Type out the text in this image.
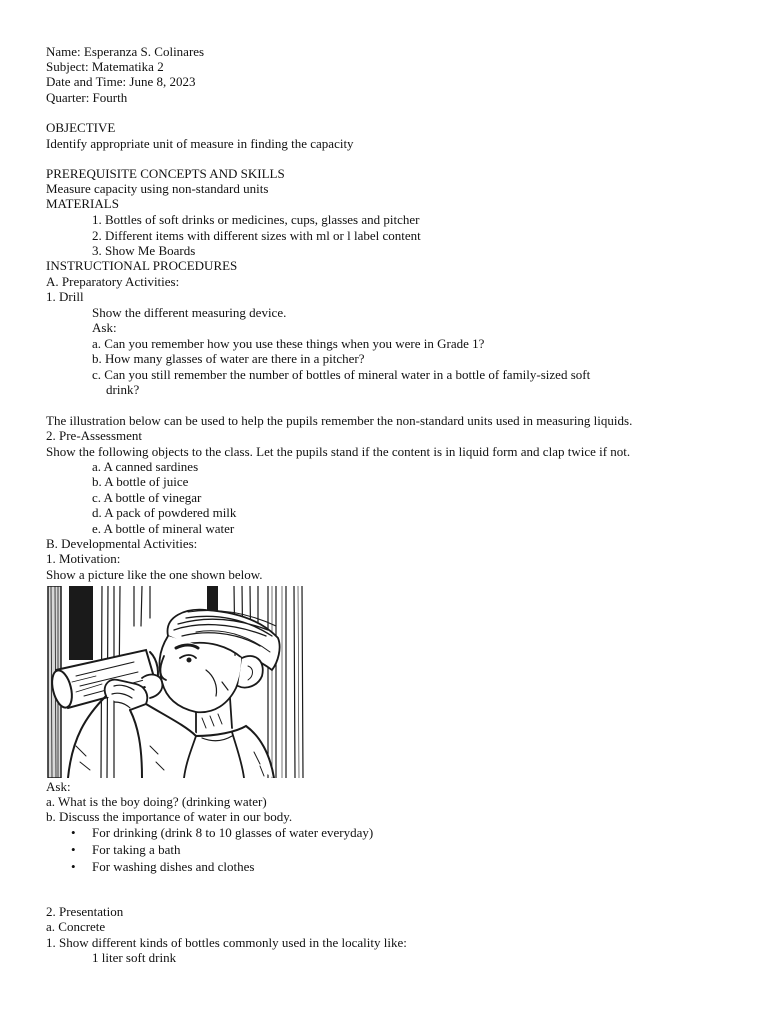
Name: Esperanza S. Colinares
Subject: Matematika 2
Date and Time: June 8, 2023
Quarter: Fourth
OBJECTIVE
Identify appropriate unit of measure in finding the capacity
PREREQUISITE CONCEPTS AND SKILLS
Measure capacity using non-standard units
MATERIALS
1. Bottles of soft drinks or medicines, cups, glasses and pitcher
2. Different items with different sizes with ml or l label content
3. Show Me Boards
INSTRUCTIONAL PROCEDURES
A. Preparatory Activities:
1. Drill
Show the different measuring device.
Ask:
a. Can you remember how you use these things when you were in Grade 1?
b. How many glasses of water are there in a pitcher?
c. Can you still remember the number of bottles of mineral water in a bottle of family-sized soft
drink?
The illustration below can be used to help the pupils remember the non-standard units used in measuring liquids.
2. Pre-Assessment
Show the following objects to the class. Let the pupils stand if the content is in liquid form and clap twice if not.
a. A canned sardines
b. A bottle of juice
c. A bottle of vinegar
d. A pack of powdered milk
e. A bottle of mineral water
B. Developmental Activities:
1. Motivation:
Show a picture like the one shown below.
Ask:
a. What is the boy doing? (drinking water)
b. Discuss the importance of water in our body.
• For drinking (drink 8 to 10 glasses of water everyday)
• For taking a bath
• For washing dishes and clothes
2. Presentation
a. Concrete
1. Show different kinds of bottles commonly used in the locality like:
1 liter soft drink
